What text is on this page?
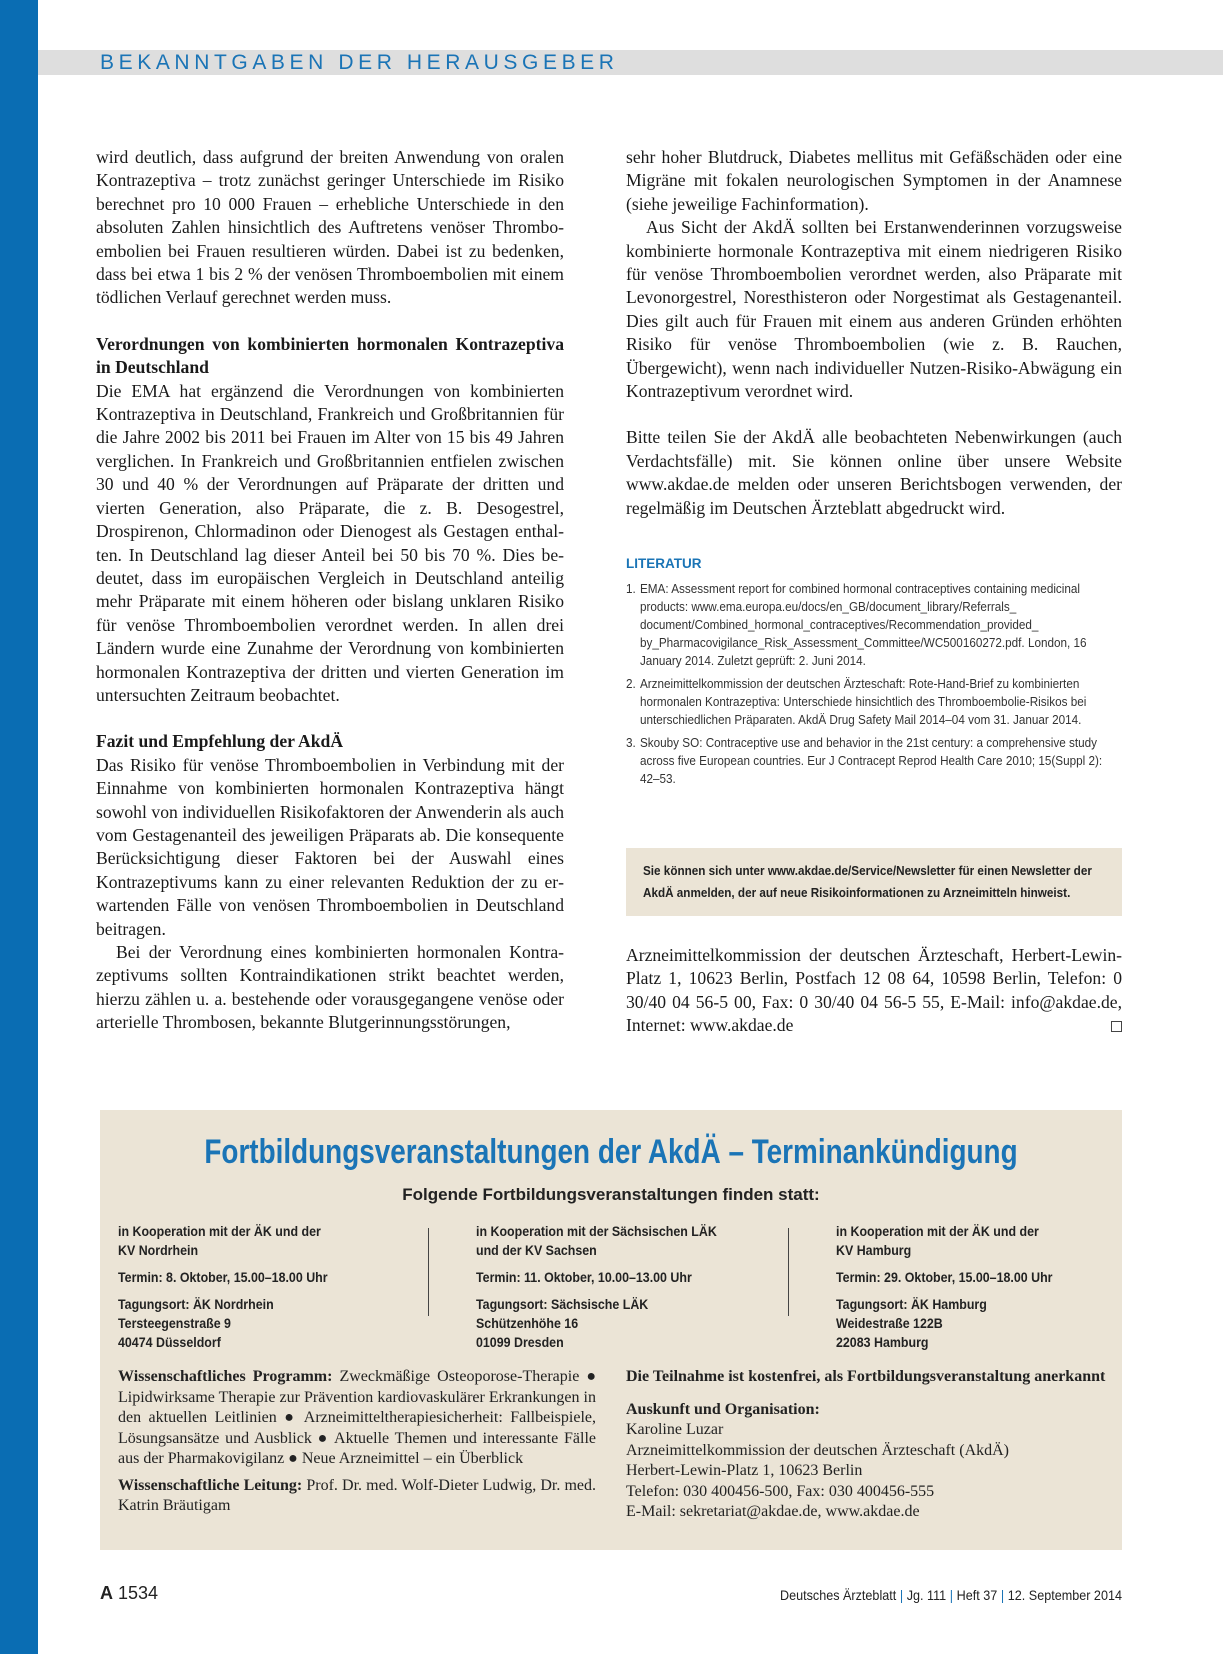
BEKANNTGABEN DER HERAUSGEBER

wird deutlich, dass aufgrund der breiten Anwendung von oralen Kontrazeptiva – trotz zunächst geringer Unterschiede im Risiko berechnet pro 10 000 Frauen – erhebliche Unterschiede in den absoluten Zahlen hinsichtlich des Auftretens venöser Thromboembolien bei Frauen resultieren würden. Dabei ist zu bedenken, dass bei etwa 1 bis 2 % der venösen Thromboembolien mit einem tödlichen Verlauf gerechnet werden muss.

Verordnungen von kombinierten hormonalen Kontrazeptiva in Deutschland

Die EMA hat ergänzend die Verordnungen von kombinierten Kontrazeptiva in Deutschland, Frankreich und Großbritannien für die Jahre 2002 bis 2011 bei Frauen im Alter von 15 bis 49 Jahren verglichen. In Frankreich und Großbritannien entfielen zwischen 30 und 40 % der Verordnungen auf Präparate der dritten und vierten Generation, also Präparate, die z. B. Desogestrel, Drospirenon, Chlormadinon oder Dienogest als Gestagen enthalten. In Deutschland lag dieser Anteil bei 50 bis 70 %. Dies bedeutet, dass im europäischen Vergleich in Deutschland anteilig mehr Präparate mit einem höheren oder bislang unklaren Risiko für venöse Thromboembolien verordnet werden. In allen drei Ländern wurde eine Zunahme der Verordnung von kombinierten hormonalen Kontrazeptiva der dritten und vierten Generation im untersuchten Zeitraum beobachtet.

Fazit und Empfehlung der AkdÄ

Das Risiko für venöse Thromboembolien in Verbindung mit der Einnahme von kombinierten hormonalen Kontrazeptiva hängt sowohl von individuellen Risikofaktoren der Anwenderin als auch vom Gestagenanteil des jeweiligen Präparats ab. Die konsequente Berücksichtigung dieser Faktoren bei der Auswahl eines Kontrazeptivums kann zu einer relevanten Reduktion der zu erwartenden Fälle von venösen Thromboembolien in Deutschland beitragen.

Bei der Verordnung eines kombinierten hormonalen Kontrazeptivums sollten Kontraindikationen strikt beachtet werden, hierzu zählen u. a. bestehende oder vorausgegangene venöse oder arterielle Thrombosen, bekannte Blutgerinnungsstörungen,

sehr hoher Blutdruck, Diabetes mellitus mit Gefäßschäden oder eine Migräne mit fokalen neurologischen Symptomen in der Anamnese (siehe jeweilige Fachinformation).

Aus Sicht der AkdÄ sollten bei Erstanwenderinnen vorzugsweise kombinierte hormonale Kontrazeptiva mit einem niedrigeren Risiko für venöse Thromboembolien verordnet werden, also Präparate mit Levonorgestrel, Noresthisteron oder Norgestimat als Gestagenanteil. Dies gilt auch für Frauen mit einem aus anderen Gründen erhöhten Risiko für venöse Thromboembolien (wie z. B. Rauchen, Übergewicht), wenn nach individueller Nutzen-Risiko-Abwägung ein Kontrazeptivum verordnet wird.

Bitte teilen Sie der AkdÄ alle beobachteten Nebenwirkungen (auch Verdachtsfälle) mit. Sie können online über unsere Website www.akdae.de melden oder unseren Berichtsbogen verwenden, der regelmäßig im Deutschen Ärzteblatt abgedruckt wird.

LITERATUR

1. EMA: Assessment report for combined hormonal contraceptives containing medicinal products: www.ema.europa.eu/docs/en_GB/document_library/Referrals_ document/Combined_hormonal_contraceptives/Recommendation_provided_ by_Pharmacovigilance_Risk_Assessment_Committee/WC500160272.pdf. London, 16 January 2014. Zuletzt geprüft: 2. Juni 2014.
2. Arzneimittelkommission der deutschen Ärzteschaft: Rote-Hand-Brief zu kombinierten hormonalen Kontrazeptiva: Unterschiede hinsichtlich des Thromboembolie-Risikos bei unterschiedlichen Präparaten. AkdÄ Drug Safety Mail 2014–04 vom 31. Januar 2014.
3. Skouby SO: Contraceptive use and behavior in the 21st century: a comprehensive study across five European countries. Eur J Contracept Reprod Health Care 2010; 15(Suppl 2): 42–53.

Sie können sich unter www.akdae.de/Service/Newsletter für einen Newsletter der AkdÄ anmelden, der auf neue Risikoinformationen zu Arzneimitteln hinweist.

Arzneimittelkommission der deutschen Ärzteschaft, Herbert-Lewin-Platz 1, 10623 Berlin, Postfach 12 08 64, 10598 Berlin, Telefon: 0 30/40 04 56-5 00, Fax: 0 30/40 04 56-5 55, E-Mail: info@akdae.de, Internet: www.akdae.de

Fortbildungsveranstaltungen der AkdÄ – Terminankündigung
Folgende Fortbildungsveranstaltungen finden statt:

in Kooperation mit der ÄK und der
KV Nordrhein

Termin: 8. Oktober, 15.00–18.00 Uhr

Tagungsort: ÄK Nordrhein
Tersteegenstraße 9
40474 Düsseldorf

in Kooperation mit der Sächsischen LÄK
und der KV Sachsen

Termin: 11. Oktober, 10.00–13.00 Uhr

Tagungsort: Sächsische LÄK
Schützenhöhe 16
01099 Dresden

in Kooperation mit der ÄK und der
KV Hamburg

Termin: 29. Oktober, 15.00–18.00 Uhr

Tagungsort: ÄK Hamburg
Weidestraße 122B
22083 Hamburg

Wissenschaftliches Programm: Zweckmäßige Osteoporose-Therapie ● Lipidwirksame Therapie zur Prävention kardiovaskulärer Erkrankungen in den aktuellen Leitlinien ● Arzneimitteltherapiesicherheit: Fallbeispiele, Lösungsansätze und Ausblick ● Aktuelle Themen und interessante Fälle aus der Pharmakovigilanz ● Neue Arzneimittel – ein Überblick

Wissenschaftliche Leitung: Prof. Dr. med. Wolf-Dieter Ludwig, Dr. med. Katrin Bräutigam

Die Teilnahme ist kostenfrei, als Fortbildungsveranstaltung anerkannt

Auskunft und Organisation:

Karoline Luzar
Arzneimittelkommission der deutschen Ärzteschaft (AkdÄ)
Herbert-Lewin-Platz 1, 10623 Berlin
Telefon: 030 400456-500, Fax: 030 400456-555
E-Mail: sekretariat@akdae.de, www.akdae.de
A 1534	Deutsches Ärzteblatt | Jg. 111 | Heft 37 | 12. September 2014
